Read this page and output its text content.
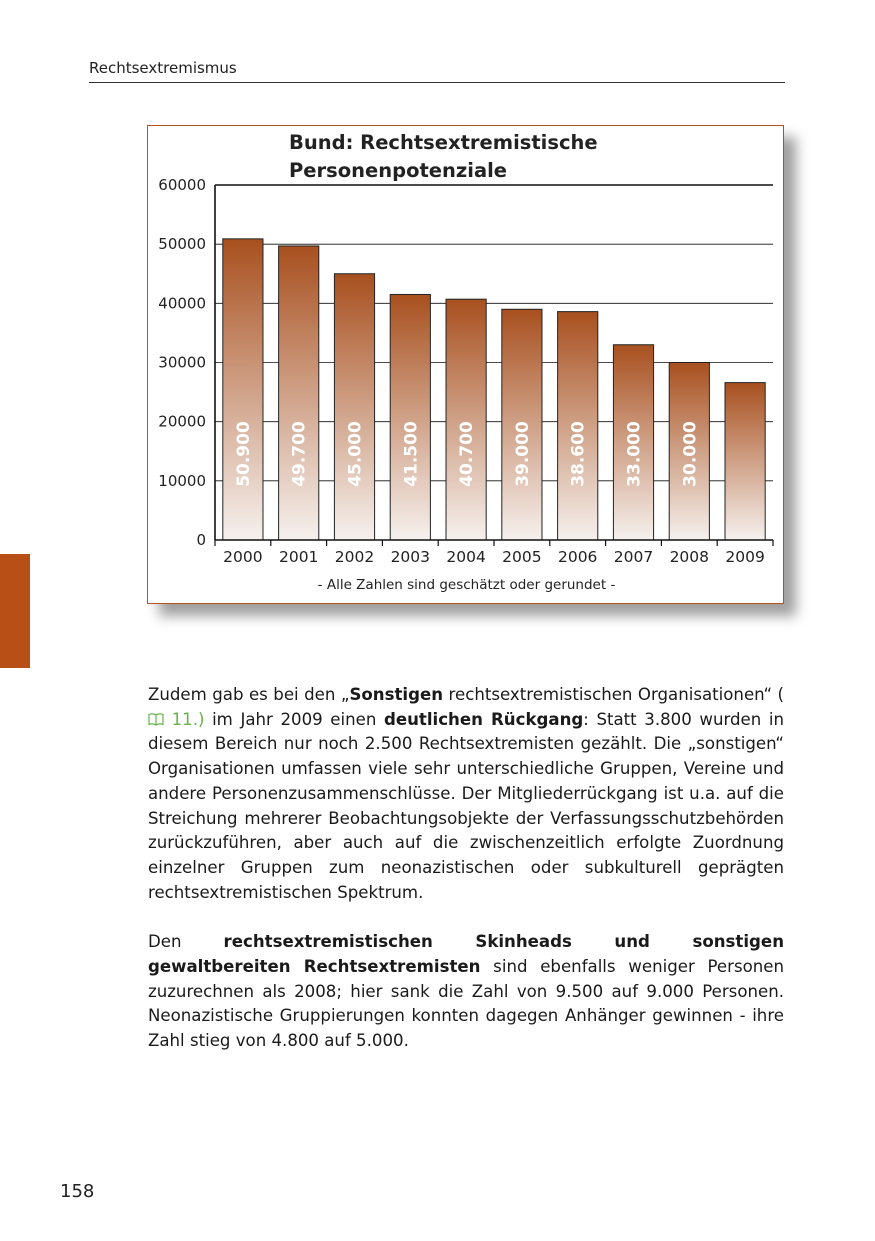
Rechtsextremismus
0
10000
20000
30000
40000
50000
60000
2000
50.900
2001
49.700
2002
45.000
2003
41.500
2004
40.700
2005
39.000
2006
38.600
2007
33.000
2008
30.000
2009
Bund: Rechtsextremistische
Personenpotenziale
- Alle Zahlen sind geschätzt oder gerundet -

Zudem gab es bei den „Sonstigen rechtsextremistischen Organisationen“ ( 11.) im Jahr 2009 einen deutlichen Rückgang: Statt 3.800 wurden in diesem Bereich nur noch 2.500 Rechtsextremisten gezählt. Die „sonstigen“ Organisationen umfassen viele sehr unterschiedliche Gruppen, Vereine und andere Personenzusammenschlüsse. Der Mitgliederrückgang ist u.a. auf die Streichung mehrerer Beobachtungsobjekte der Verfassungsschutzbehörden zurückzuführen, aber auch auf die zwischenzeitlich erfolgte Zuordnung einzelner Gruppen zum neonazistischen oder subkulturell geprägten rechtsextremistischen Spektrum.

Den rechtsextremistischen Skinheads und sonstigen gewaltbereiten Rechtsextremisten sind ebenfalls weniger Personen zuzurechnen als 2008; hier sank die Zahl von 9.500 auf 9.000 Personen. Neonazistische Gruppierungen konnten dagegen Anhänger gewinnen - ihre Zahl stieg von 4.800 auf 5.000.

158
